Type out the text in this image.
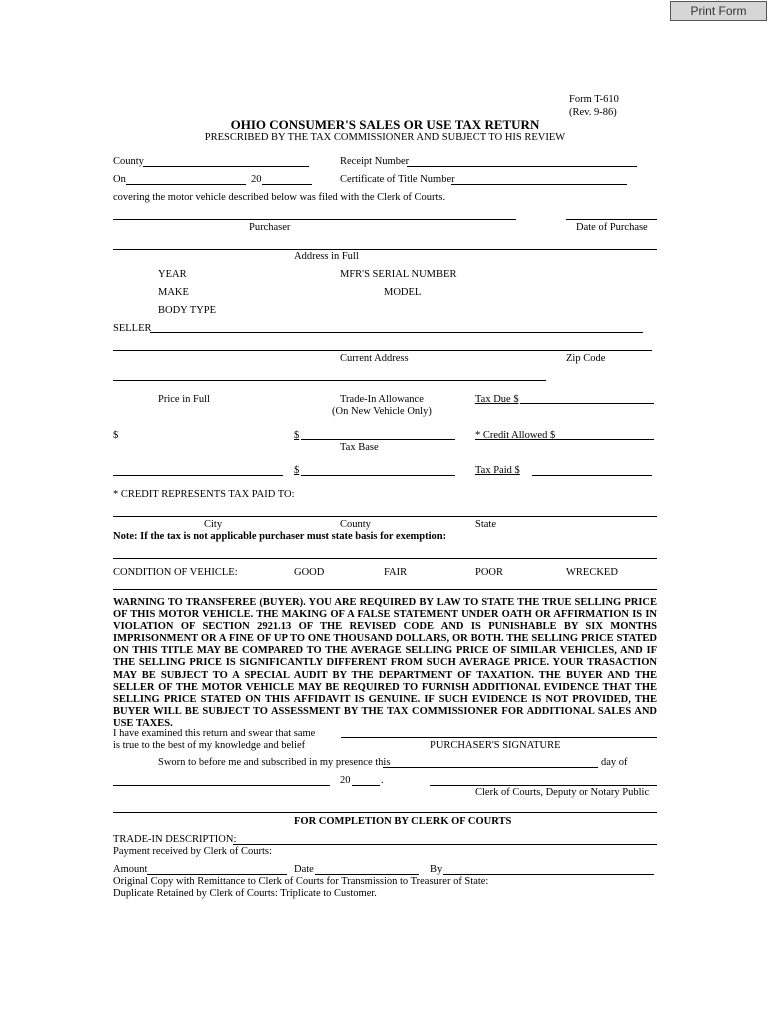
Print Form
Form T-610
(Rev. 9-86)
OHIO CONSUMER'S SALES OR USE TAX RETURN
PRESCRIBED BY THE TAX COMMISSIONER AND SUBJECT TO HIS REVIEW
County	Receipt Number
On	20	Certificate of Title Number
covering the motor vehicle described below was filed with the Clerk of Courts.
Purchaser	Date of Purchase
Address in Full
YEAR	MFR'S SERIAL NUMBER
MAKE	MODEL
BODY TYPE
SELLER
Current Address	Zip Code
Price in Full	Trade-In Allowance
(On New Vehicle Only)
Tax Due $
$	$	* Credit Allowed $
Tax Base
$	Tax Paid $
* CREDIT REPRESENTS TAX PAID TO:
City	County	State
Note: If the tax is not applicable purchaser must state basis for exemption:
CONDITION OF VEHICLE:	GOOD	FAIR	POOR	WRECKED
WARNING TO TRANSFEREE (BUYER). YOU ARE REQUIRED BY LAW TO STATE THE TRUE SELLING PRICE OF THIS MOTOR VEHICLE. THE MAKING OF A FALSE STATEMENT UNDER OATH OR AFFIRMATION IS IN VIOLATION OF SECTION 2921.13 OF THE REVISED CODE AND IS PUNISHABLE BY SIX MONTHS IMPRISONMENT OR A FINE OF UP TO ONE THOUSAND DOLLARS, OR BOTH. THE SELLING PRICE STATED ON THIS TITLE MAY BE COMPARED TO THE AVERAGE SELLING PRICE OF SIMILAR VEHICLES, AND IF THE SELLING PRICE IS SIGNIFICANTLY DIFFERENT FROM SUCH AVERAGE PRICE. YOUR TRASACTION MAY BE SUBJECT TO A SPECIAL AUDIT BY THE DEPARTMENT OF TAXATION. THE BUYER AND THE SELLER OF THE MOTOR VEHICLE MAY BE REQUIRED TO FURNISH ADDITIONAL EVIDENCE THAT THE SELLING PRICE STATED ON THIS AFFIDAVIT IS GENUINE. IF SUCH EVIDENCE IS NOT PROVIDED, THE BUYER WILL BE SUBJECT TO ASSESSMENT BY THE TAX COMMISSIONER FOR ADDITIONAL SALES AND USE TAXES.
I have examined this return and swear that same
is true to the best of my knowledge and belief	PURCHASER'S SIGNATURE
Sworn to before me and subscribed in my presence this	day of
20	.
Clerk of Courts, Deputy or Notary Public
FOR COMPLETION BY CLERK OF COURTS
TRADE-IN DESCRIPTION:
Payment received by Clerk of Courts:
Amount	Date	By
Original Copy with Remittance to Clerk of Courts for Transmission to Treasurer of State:
Duplicate Retained by Clerk of Courts: Triplicate to Customer.
